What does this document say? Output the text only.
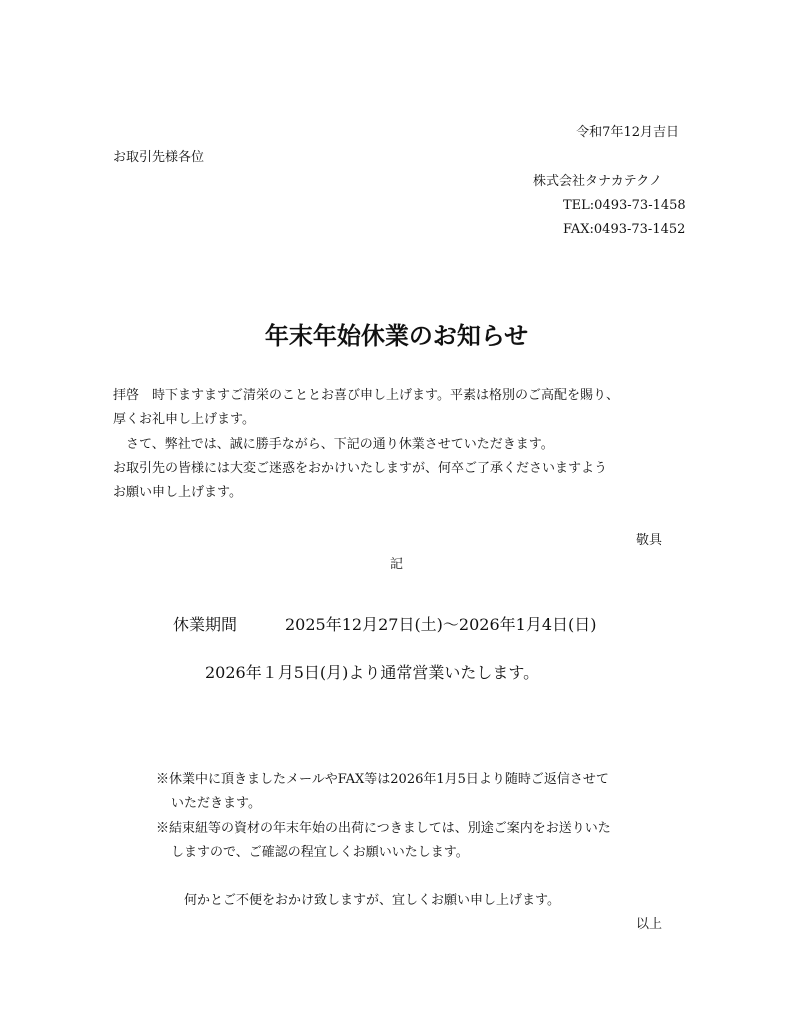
令和7年12月吉日
お取引先様各位
株式会社タナカテクノ
TEL:0493-73-1458
FAX:0493-73-1452
年末年始休業のお知らせ
拝啓　時下ますますご清栄のこととお喜び申し上げます。平素は格別のご高配を賜り、
厚くお礼申し上げます。
　さて、弊社では、誠に勝手ながら、下記の通り休業させていただきます。
お取引先の皆様には大変ご迷惑をおかけいたしますが、何卒ご了承くださいますよう
お願い申し上げます。
敬具
記
休業期間	2025年12月27日(土)～2026年1月4日(日)
2026年１月5日(月)より通常営業いたします。
※休業中に頂きましたメールやFAX等は2026年1月5日より随時ご返信させて
いただきます。
※結束紐等の資材の年末年始の出荷につきましては、別途ご案内をお送りいた
しますので、ご確認の程宜しくお願いいたします。
何かとご不便をおかけ致しますが、宜しくお願い申し上げます。
以上
